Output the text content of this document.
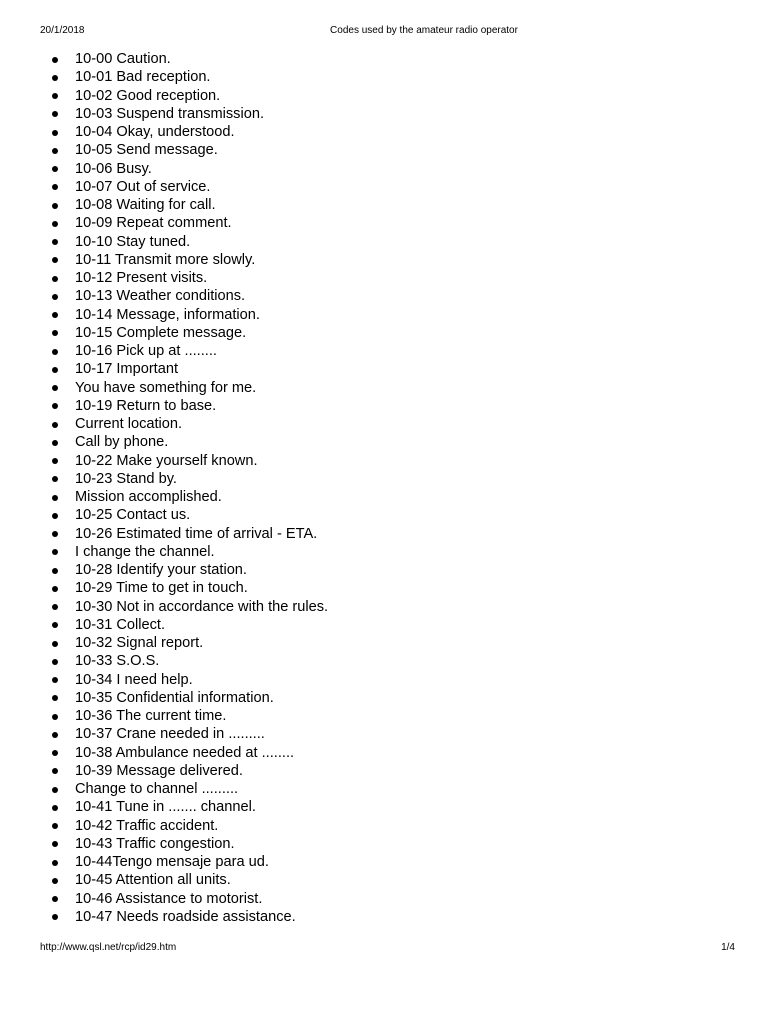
20/1/2018	Codes used by the amateur radio operator
10-00 Caution.
10-01 Bad reception.
10-02 Good reception.
10-03 Suspend transmission.
10-04 Okay, understood.
10-05 Send message.
10-06 Busy.
10-07 Out of service.
10-08 Waiting for call.
10-09 Repeat comment.
10-10 Stay tuned.
10-11 Transmit more slowly.
10-12 Present visits.
10-13 Weather conditions.
10-14 Message, information.
10-15 Complete message.
10-16 Pick up at ........
10-17 Important
You have something for me.
10-19 Return to base.
Current location.
Call by phone.
10-22 Make yourself known.
10-23 Stand by.
Mission accomplished.
10-25 Contact us.
10-26 Estimated time of arrival - ETA.
I change the channel.
10-28 Identify your station.
10-29 Time to get in touch.
10-30 Not in accordance with the rules.
10-31 Collect.
10-32 Signal report.
10-33 S.O.S.
10-34 I need help.
10-35 Confidential information.
10-36 The current time.
10-37 Crane needed in .........
10-38 Ambulance needed at ........
10-39 Message delivered.
Change to channel .........
10-41 Tune in ....... channel.
10-42 Traffic accident.
10-43 Traffic congestion.
10-44Tengo mensaje para ud.
10-45 Attention all units.
10-46 Assistance to motorist.
10-47 Needs roadside assistance.
http://www.qsl.net/rcp/id29.htm	1/4
